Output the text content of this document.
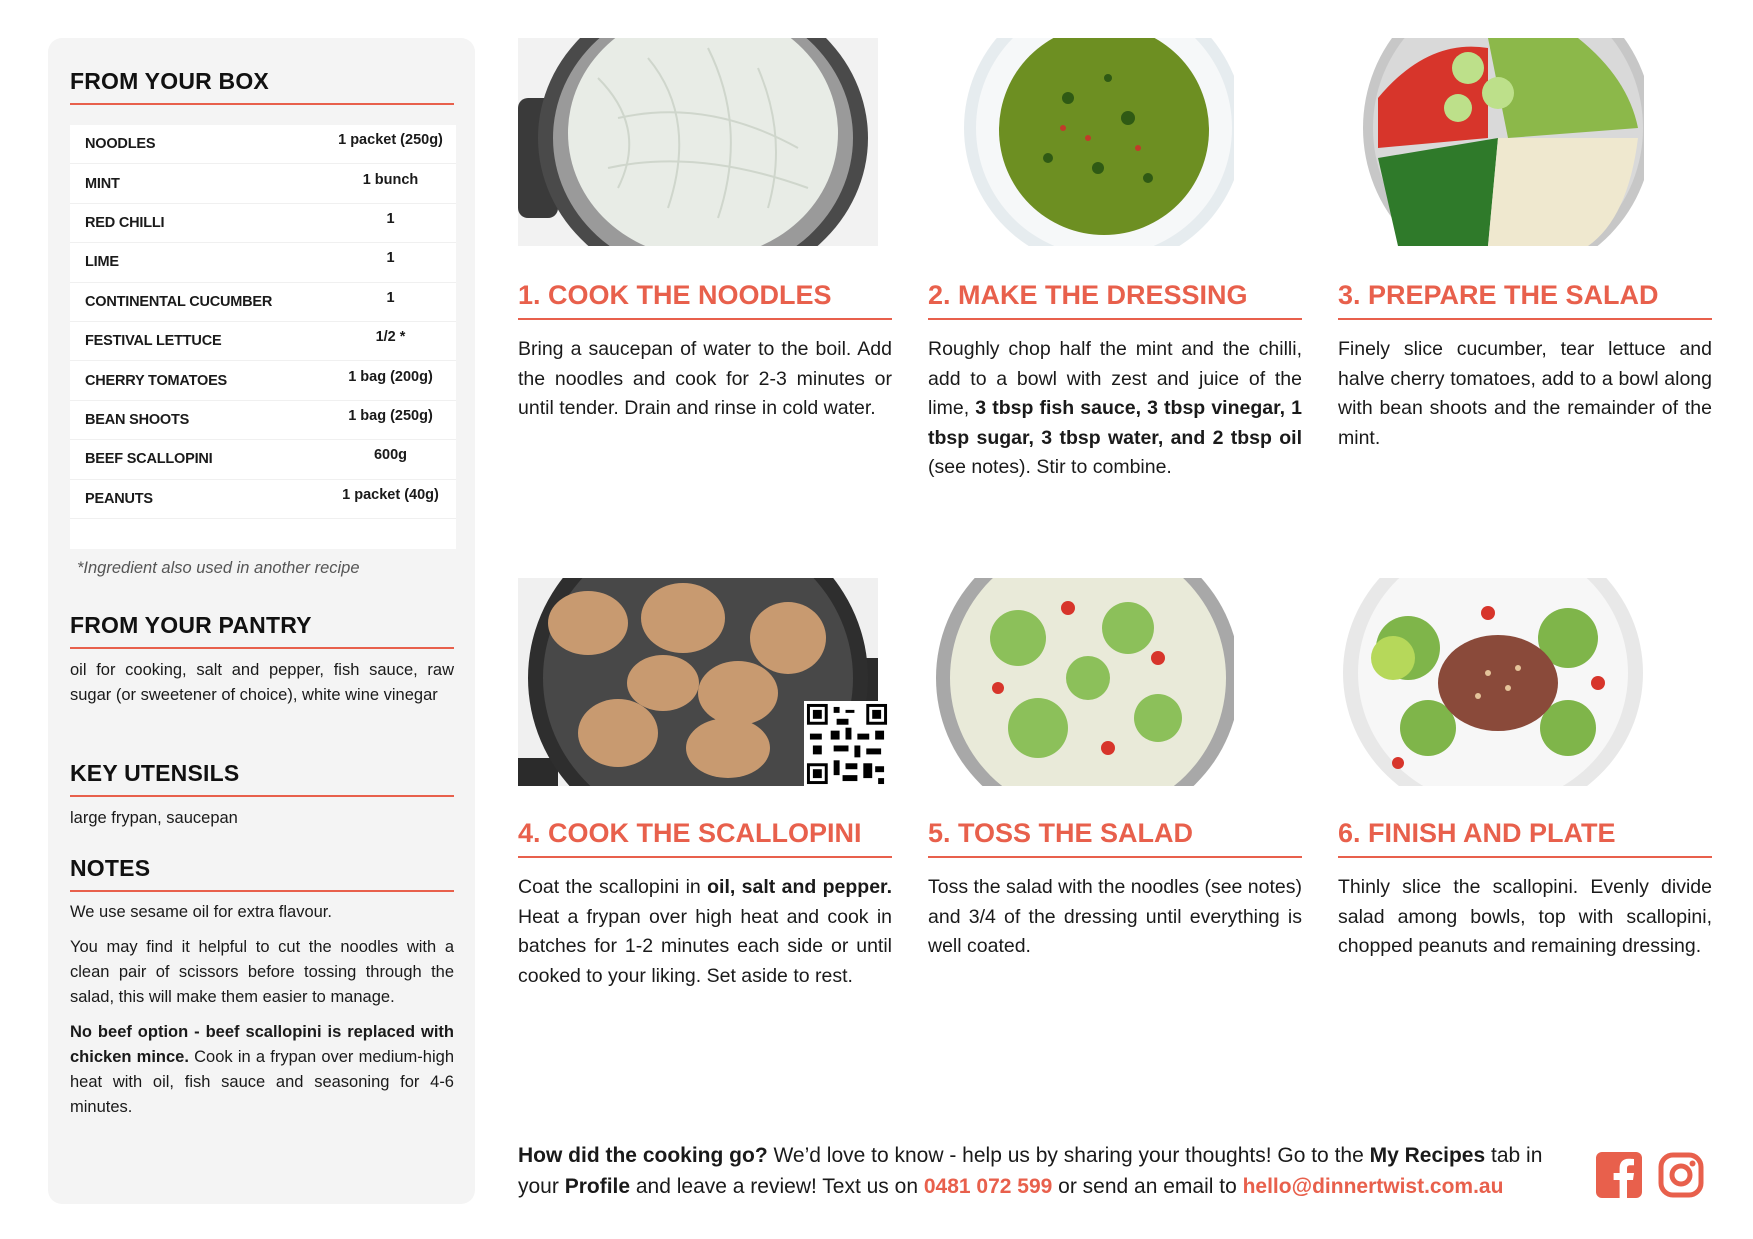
FROM YOUR BOX
NOODLES	1 packet (250g)
MINT	1 bunch
RED CHILLI	1
LIME	1
CONTINENTAL CUCUMBER	1
FESTIVAL LETTUCE	1/2 *
CHERRY TOMATOES	1 bag (200g)
BEAN SHOOTS	1 bag (250g)
BEEF SCALLOPINI	600g
PEANUTS	1 packet (40g)
*Ingredient also used in another recipe
FROM YOUR PANTRY
oil for cooking, salt and pepper, fish sauce, raw sugar (or sweetener of choice), white wine vinegar
KEY UTENSILS
large frypan, saucepan
NOTES

We use sesame oil for extra flavour.

You may find it helpful to cut the noodles with a clean pair of scissors before tossing through the salad, this will make them easier to manage.

No beef option - beef scallopini is replaced with chicken mince. Cook in a frypan over medium-high heat with oil, fish sauce and seasoning for 4-6 minutes.

1. COOK THE NOODLES
Bring a saucepan of water to the boil. Add the noodles and cook for 2-3 minutes or until tender. Drain and rinse in cold water.
2. MAKE THE DRESSING
Roughly chop half the mint and the chilli, add to a bowl with zest and juice of the lime, 3 tbsp fish sauce, 3 tbsp vinegar, 1 tbsp sugar, 3 tbsp water, and 2 tbsp oil (see notes). Stir to combine.
3. PREPARE THE SALAD
Finely slice cucumber, tear lettuce and halve cherry tomatoes, add to a bowl along with bean shoots and the remainder of the mint.
4. COOK THE SCALLOPINI
Coat the scallopini in oil, salt and pepper. Heat a frypan over high heat and cook in batches for 1-2 minutes each side or until cooked to your liking. Set aside to rest.
5. TOSS THE SALAD
Toss the salad with the noodles (see notes) and 3/4 of the dressing until everything is well coated.
6. FINISH AND PLATE
Thinly slice the scallopini. Evenly divide salad among bowls, top with scallopini, chopped peanuts and remaining dressing.
How did the cooking go? We’d love to know - help us by sharing your thoughts! Go to the My Recipes tab in your Profile and leave a review! Text us on 0481 072 599 or send an email to hello@dinnertwist.com.au
